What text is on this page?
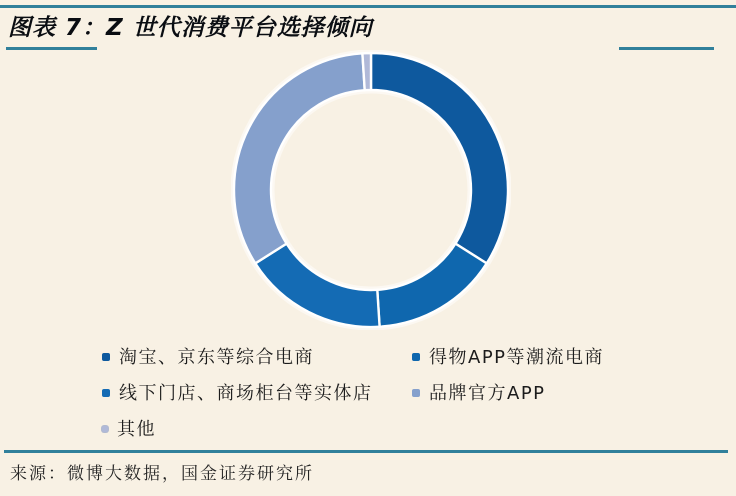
图表 7：Z 世代消费平台选择倾向
淘宝、京东等综合电商	得物APP等潮流电商
线下门店、商场柜台等实体店	品牌官方APP
其他
来源：微博大数据，国金证券研究所
